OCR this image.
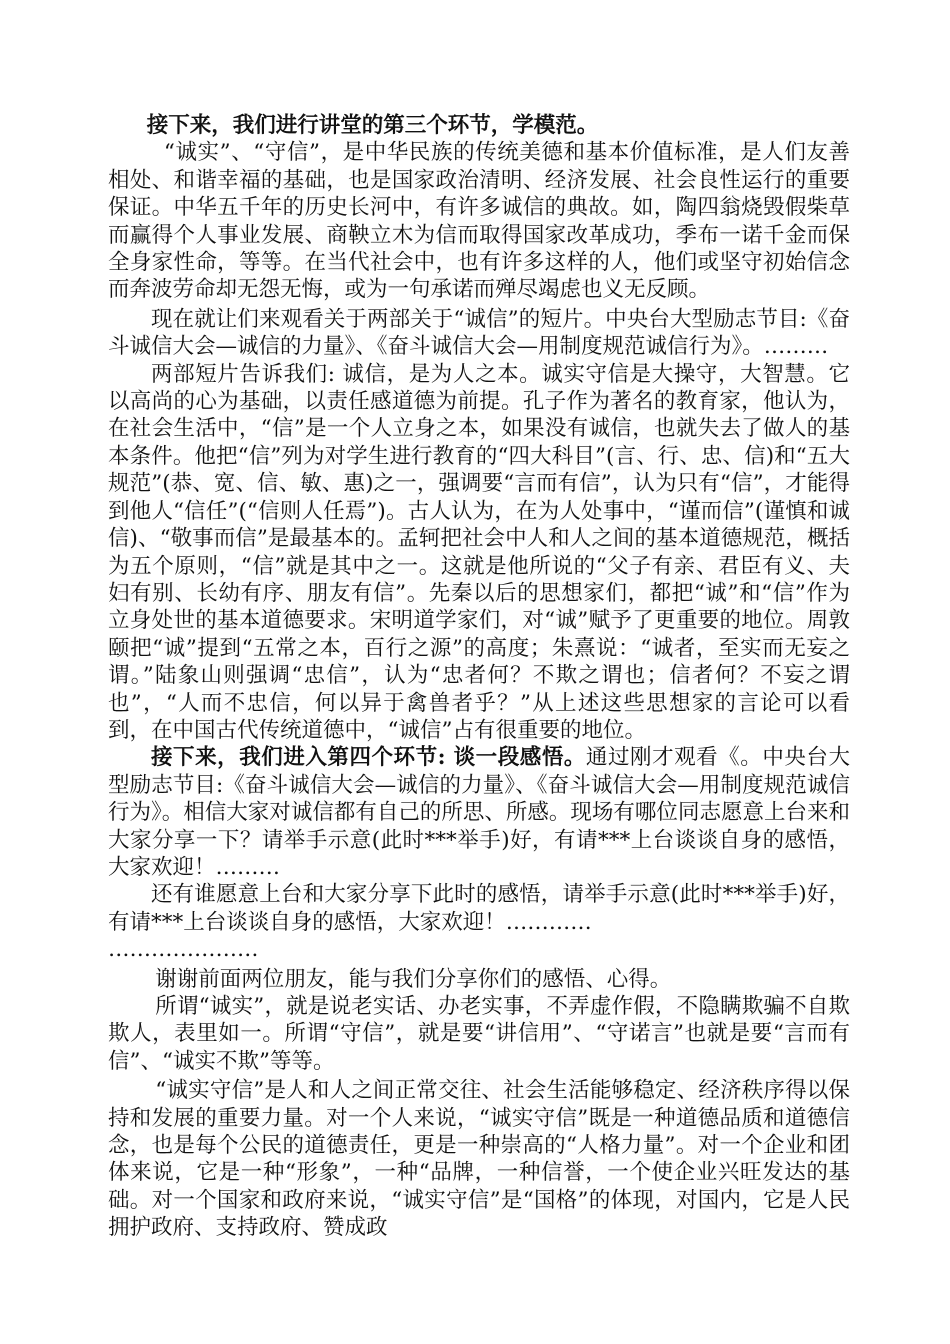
接下来，我们进行讲堂的第三个环节，学模范。

“诚实”、“守信”，是中华民族的传统美德和基本价值标准，是人们友善相处、和谐幸福的基础，也是国家政治清明、经济发展、社会良性运行的重要保证。中华五千年的历史长河中，有许多诚信的典故。如，陶四翁烧毁假柴草而赢得个人事业发展、商鞅立木为信而取得国家改革成功，季布一诺千金而保全身家性命，等等。在当代社会中，也有许多这样的人，他们或坚守初始信念而奔波劳命却无怨无悔，或为一句承诺而殚尽竭虑也义无反顾。

现在就让们来观看关于两部关于“诚信”的短片。中央台大型励志节目:《奋斗诚信大会—诚信的力量》、《奋斗诚信大会—用制度规范诚信行为》。………

两部短片告诉我们: 诚信，是为人之本。诚实守信是大操守，大智慧。它以高尚的心为基础，以责任感道德为前提。孔子作为著名的教育家，他认为，在社会生活中，“信”是一个人立身之本，如果没有诚信，也就失去了做人的基本条件。他把“信”列为对学生进行教育的“四大科目”(言、行、忠、信)和“五大规范”(恭、宽、信、敏、惠)之一，强调要“言而有信”，认为只有“信”，才能得到他人“信任”(“信则人任焉”)。古人认为，在为人处事中，“谨而信”(谨慎和诚信)、“敬事而信”是最基本的。孟轲把社会中人和人之间的基本道德规范，概括为五个原则，“信”就是其中之一。这就是他所说的“父子有亲、君臣有义、夫妇有别、长幼有序、朋友有信”。先秦以后的思想家们，都把“诚”和“信”作为立身处世的基本道德要求。宋明道学家们，对“诚”赋予了更重要的地位。周敦颐把“诚”提到“五常之本，百行之源”的高度；朱熹说：“诚者，至实而无妄之谓。”陆象山则强调“忠信”，认为“忠者何？不欺之谓也；信者何？不妄之谓也”，“人而不忠信，何以异于禽兽者乎？”从上述这些思想家的言论可以看到，在中国古代传统道德中，“诚信”占有很重要的地位。

接下来，我们进入第四个环节: 谈一段感悟。通过刚才观看《。中央台大型励志节目:《奋斗诚信大会—诚信的力量》、《奋斗诚信大会—用制度规范诚信行为》。相信大家对诚信都有自己的所思、所感。现场有哪位同志愿意上台来和大家分享一下？请举手示意(此时***举手)好，有请***上台谈谈自身的感悟，大家欢迎！………

还有谁愿意上台和大家分享下此时的感悟，请举手示意(此时***举手)好，有请***上台谈谈自身的感悟，大家欢迎！…………

…………………

谢谢前面两位朋友，能与我们分享你们的感悟、心得。

所谓“诚实”，就是说老实话、办老实事，不弄虚作假，不隐瞒欺骗不自欺欺人，表里如一。所谓“守信”，就是要“讲信用”、“守诺言”也就是要“言而有信”、“诚实不欺”等等。

“诚实守信”是人和人之间正常交往、社会生活能够稳定、经济秩序得以保持和发展的重要力量。对一个人来说，“诚实守信”既是一种道德品质和道德信念，也是每个公民的道德责任，更是一种崇高的“人格力量”。对一个企业和团体来说，它是一种“形象”，一种“品牌，一种信誉，一个使企业兴旺发达的基础。对一个国家和政府来说，“诚实守信”是“国格”的体现，对国内，它是人民拥护政府、支持政府、赞成政
